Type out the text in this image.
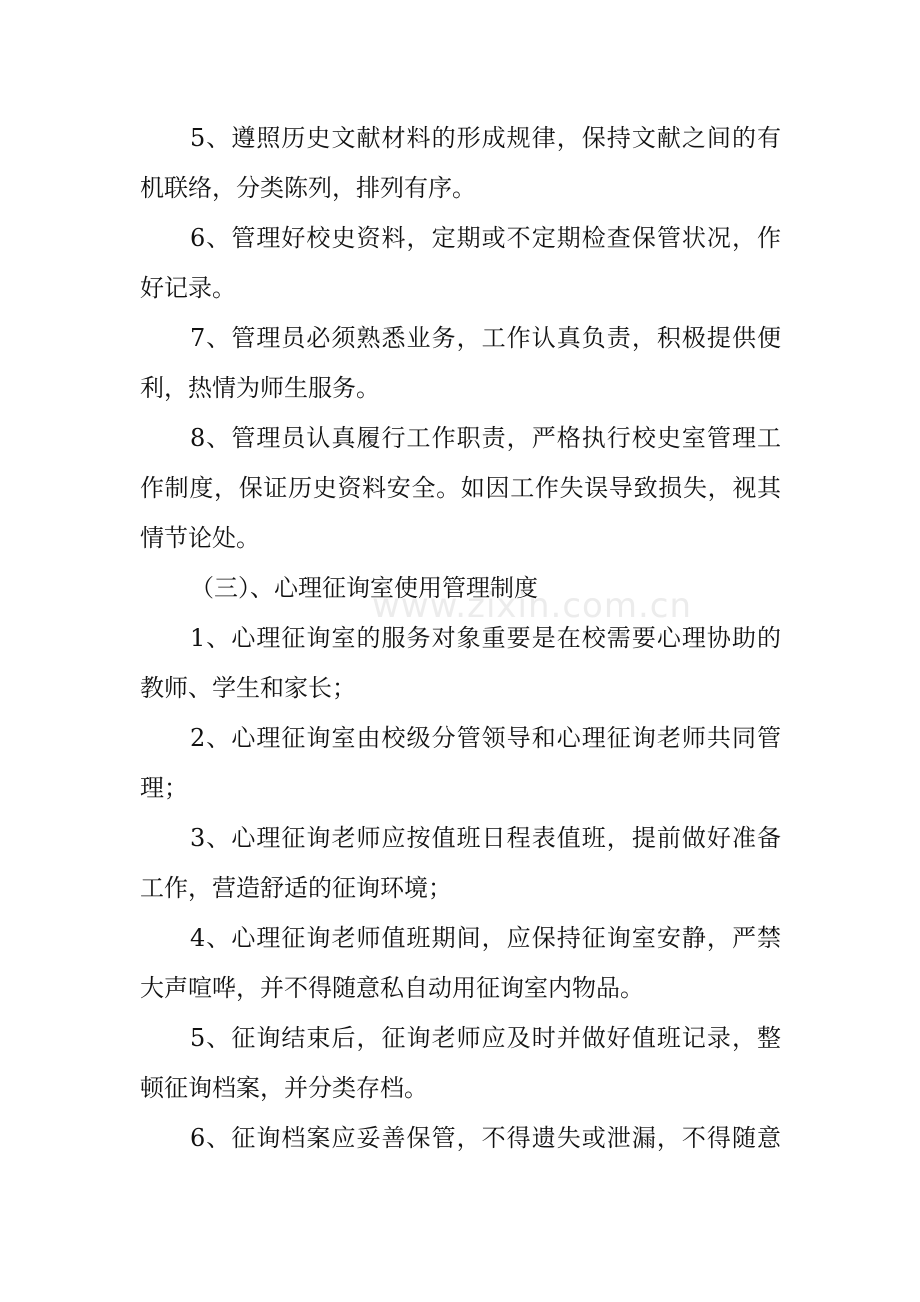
www.zixin.com.cn
5、遵照历史文献材料的形成规律，保持文献之间的有
机联络，分类陈列，排列有序。
6、管理好校史资料，定期或不定期检查保管状况，作
好记录。
7、管理员必须熟悉业务，工作认真负责，积极提供便
利，热情为师生服务。
8、管理员认真履行工作职责，严格执行校史室管理工
作制度，保证历史资料安全。如因工作失误导致损失，视其
情节论处。
（三）、心理征询室使用管理制度
1、心理征询室的服务对象重要是在校需要心理协助的
教师、学生和家长；
2、心理征询室由校级分管领导和心理征询老师共同管
理；
3、心理征询老师应按值班日程表值班，提前做好准备
工作，营造舒适的征询环境；
4、心理征询老师值班期间，应保持征询室安静，严禁
大声喧哗，并不得随意私自动用征询室内物品。
5、征询结束后，征询老师应及时并做好值班记录，整
顿征询档案，并分类存档。
6、征询档案应妥善保管，不得遗失或泄漏，不得随意
